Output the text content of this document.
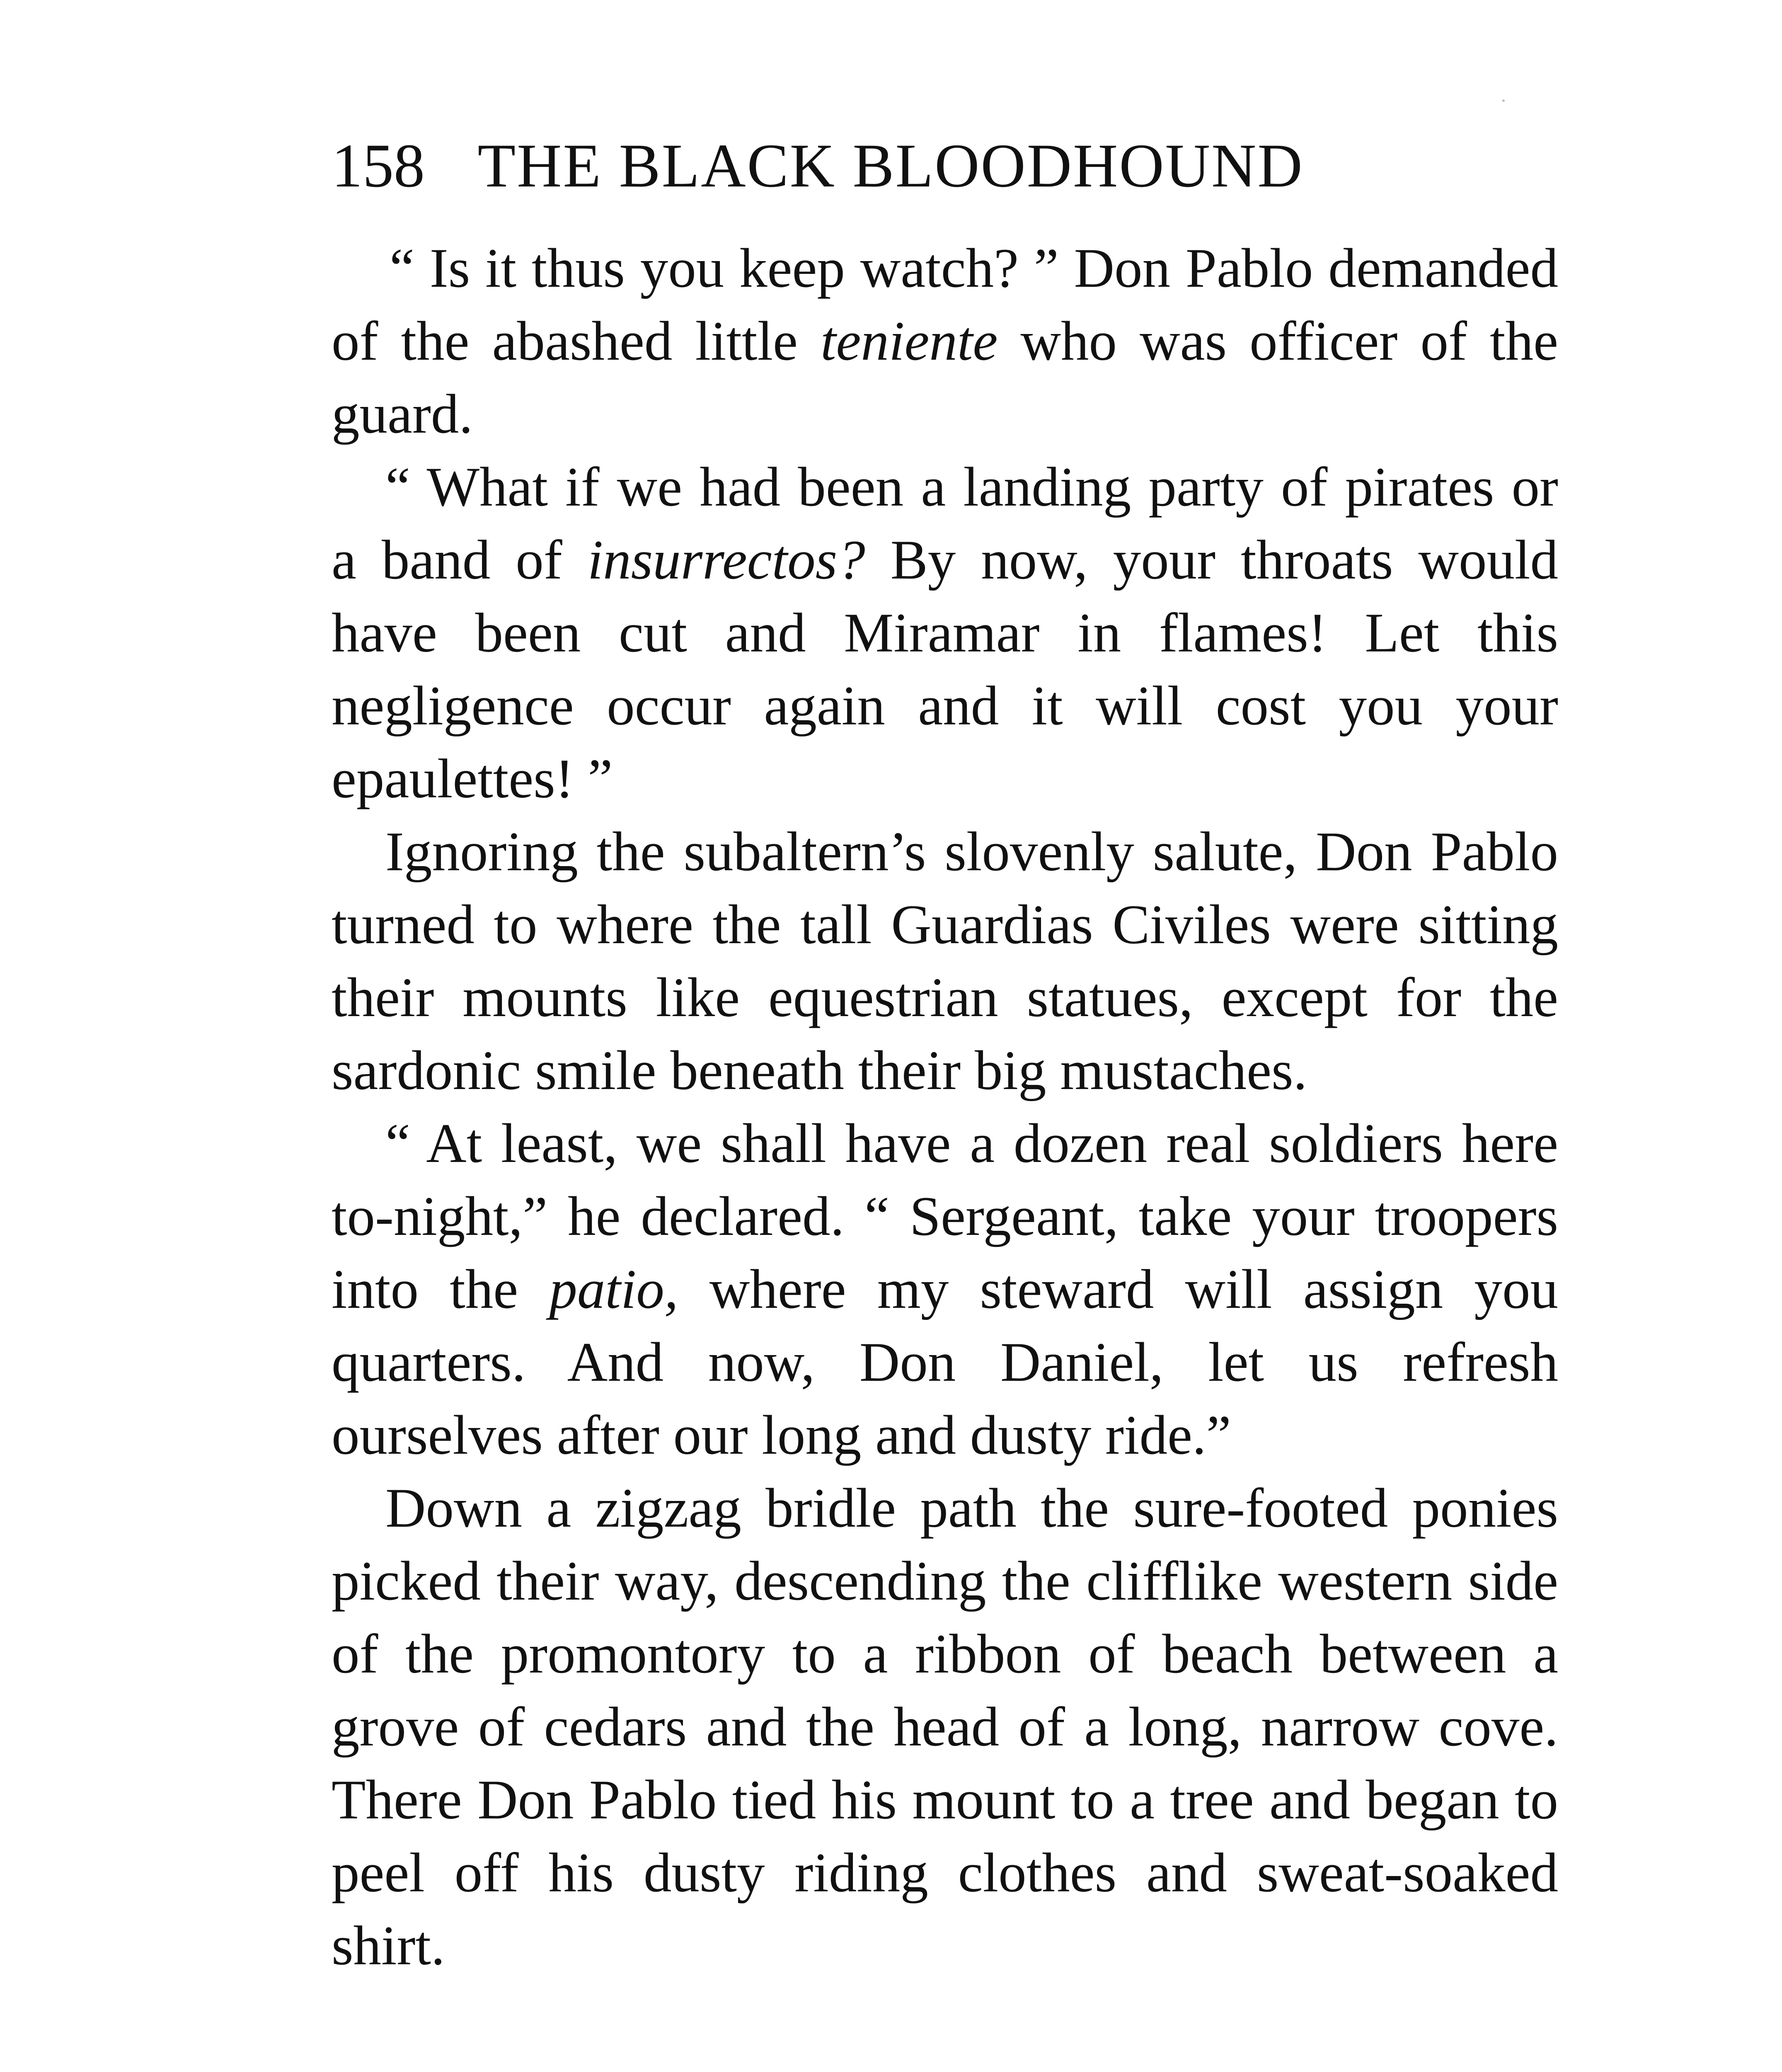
158 THE BLACK BLOODHOUND

“ Is it thus you keep watch? ” Don Pablo demanded of the abashed little teniente who was officer of the guard.

“ What if we had been a landing party of pirates or a band of insurrectos? By now, your throats would have been cut and Miramar in flames! Let this negligence occur again and it will cost you your epaulettes! ”

Ignoring the subaltern’s slovenly salute, Don Pablo turned to where the tall Guardias Civiles were sitting their mounts like equestrian statues, except for the sardonic smile beneath their big mustaches.

“ At least, we shall have a dozen real soldiers here to-night,” he declared. “ Sergeant, take your troopers into the patio, where my steward will assign you quarters. And now, Don Daniel, let us refresh ourselves after our long and dusty ride.”

Down a zigzag bridle path the sure-footed ponies picked their way, descending the clifflike western side of the promontory to a ribbon of beach between a grove of cedars and the head of a long, narrow cove. There Don Pablo tied his mount to a tree and began to peel off his dusty riding clothes and sweat-soaked shirt.
